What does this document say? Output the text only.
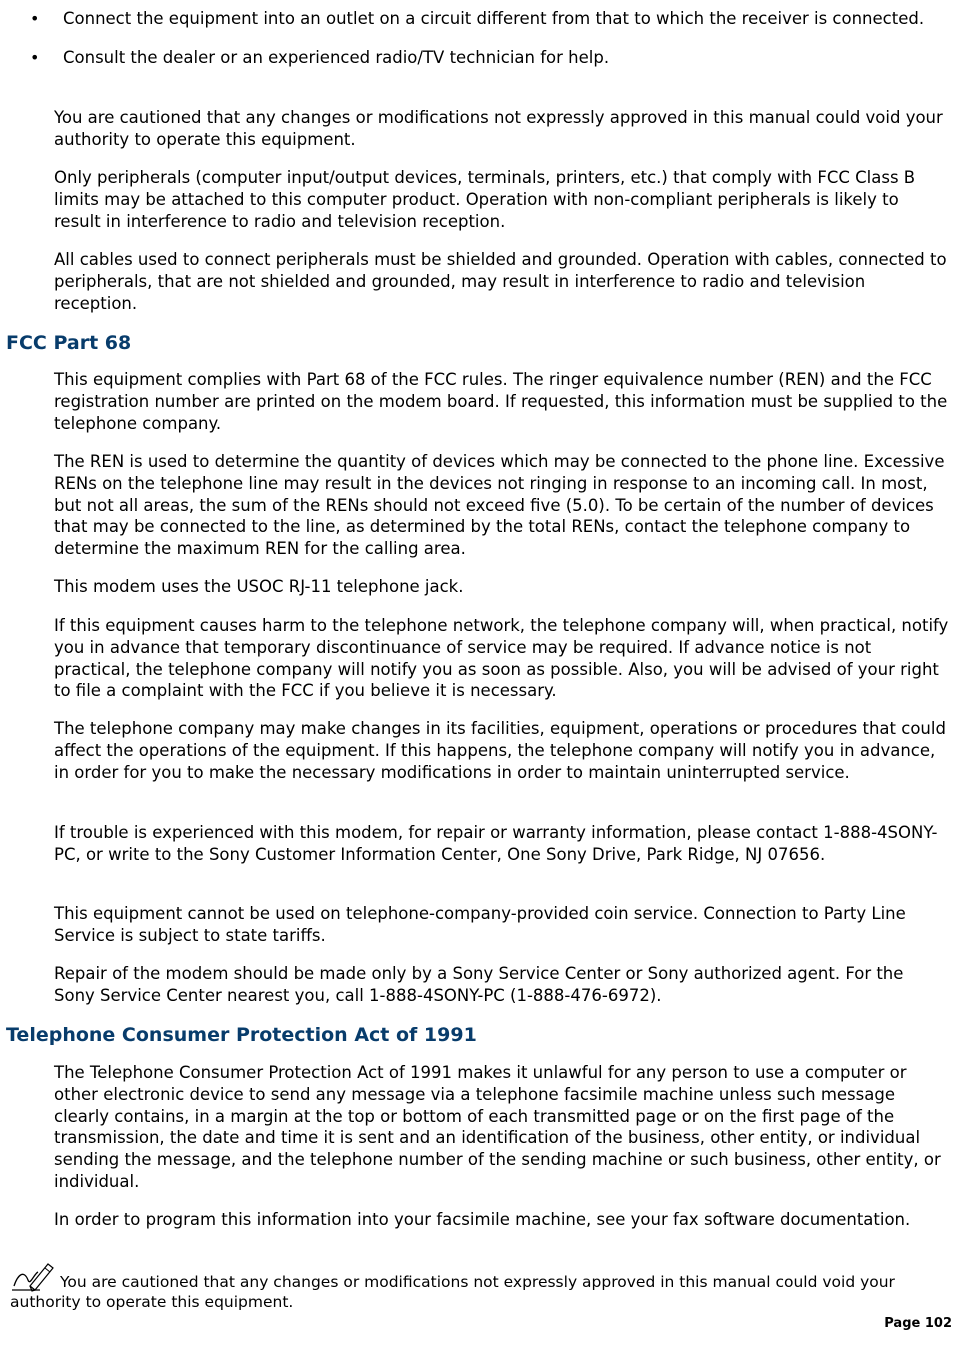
• Connect the equipment into an outlet on a circuit different from that to which the receiver is connected.
• Consult the dealer or an experienced radio/TV technician for help.

You are cautioned that any changes or modifications not expressly approved in this manual could void your authority to operate this equipment.

Only peripherals (computer input/output devices, terminals, printers, etc.) that comply with FCC Class B limits may be attached to this computer product. Operation with non-compliant peripherals is likely to result in interference to radio and television reception.

All cables used to connect peripherals must be shielded and grounded. Operation with cables, connected to peripherals, that are not shielded and grounded, may result in interference to radio and television reception.

FCC Part 68

This equipment complies with Part 68 of the FCC rules. The ringer equivalence number (REN) and the FCC registration number are printed on the modem board. If requested, this information must be supplied to the telephone company.

The REN is used to determine the quantity of devices which may be connected to the phone line. Excessive RENs on the telephone line may result in the devices not ringing in response to an incoming call. In most, but not all areas, the sum of the RENs should not exceed five (5.0). To be certain of the number of devices that may be connected to the line, as determined by the total RENs, contact the telephone company to determine the maximum REN for the calling area.

This modem uses the USOC RJ-11 telephone jack.

If this equipment causes harm to the telephone network, the telephone company will, when practical, notify you in advance that temporary discontinuance of service may be required. If advance notice is not practical, the telephone company will notify you as soon as possible. Also, you will be advised of your right to file a complaint with the FCC if you believe it is necessary.

The telephone company may make changes in its facilities, equipment, operations or procedures that could affect the operations of the equipment. If this happens, the telephone company will notify you in advance, in order for you to make the necessary modifications in order to maintain uninterrupted service.

If trouble is experienced with this modem, for repair or warranty information, please contact 1-888-4SONY-PC, or write to the Sony Customer Information Center, One Sony Drive, Park Ridge, NJ 07656.

This equipment cannot be used on telephone-company-provided coin service. Connection to Party Line Service is subject to state tariffs.

Repair of the modem should be made only by a Sony Service Center or Sony authorized agent. For the Sony Service Center nearest you, call 1-888-4SONY-PC (1-888-476-6972).

Telephone Consumer Protection Act of 1991

The Telephone Consumer Protection Act of 1991 makes it unlawful for any person to use a computer or other electronic device to send any message via a telephone facsimile machine unless such message clearly contains, in a margin at the top or bottom of each transmitted page or on the first page of the transmission, the date and time it is sent and an identification of the business, other entity, or individual sending the message, and the telephone number of the sending machine or such business, other entity, or individual.

In order to program this information into your facsimile machine, see your fax software documentation.

You are cautioned that any changes or modifications not expressly approved in this manual could void your authority to operate this equipment.
Page 102
